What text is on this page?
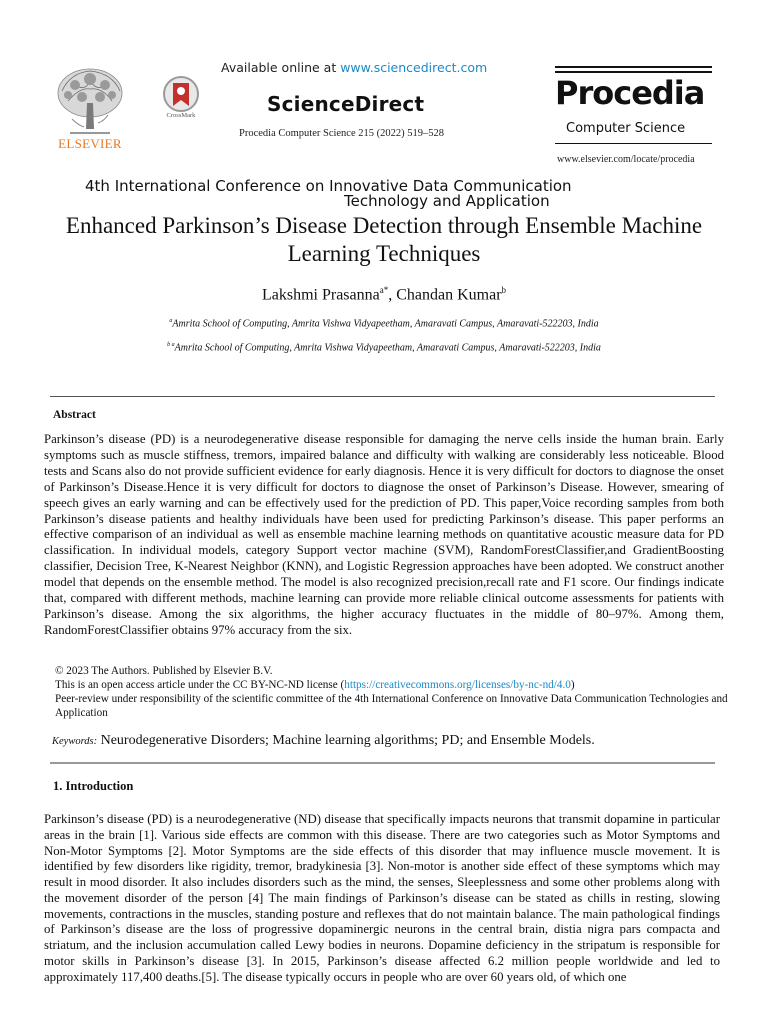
ELSEVIER
CrossMark
Available online at www.sciencedirect.com
ScienceDirect
Procedia Computer Science 215 (2022) 519–528
Procedia
Computer Science
www.elsevier.com/locate/procedia
4th International Conference on Innovative Data Communication
Technology and Application
Enhanced Parkinson’s Disease Detection through Ensemble Machine Learning Techniques
Lakshmi Prasanna$^{a*}$, Chandan Kumar$^b$
$^a$Amrita School of Computing, Amrita Vishwa Vidyapeetham, Amaravati Campus, Amaravati-522203, India
$^{b a}$Amrita School of Computing, Amrita Vishwa Vidyapeetham, Amaravati Campus, Amaravati-522203, India
Abstract
Parkinson’s disease (PD) is a neurodegenerative disease responsible for damaging the nerve cells inside the human brain. Early symptoms such as muscle stiffness, tremors, impaired balance and difficulty with walking are considerably less noticeable. Blood tests and Scans also do not provide sufficient evidence for early diagnosis. Hence it is very difficult for doctors to diagnose the onset of Parkinson’s Disease.Hence it is very difficult for doctors to diagnose the onset of Parkinson’s Disease. However, smearing of speech gives an early warning and can be effectively used for the prediction of PD. This paper,Voice recording samples from both Parkinson’s disease patients and healthy individuals have been used for predicting Parkinson’s disease. This paper performs an effective comparison of an individual as well as ensemble machine learning methods on quantitative acoustic measure data for PD classification. In individual models, category Support vector machine (SVM), RandomForestClassifier,and GradientBoosting classifier, Decision Tree, K-Nearest Neighbor (KNN), and Logistic Regression approaches have been adopted. We construct another model that depends on the ensemble method. The model is also recognized precision,recall rate and F1 score. Our findings indicate that, compared with different methods, machine learning can provide more reliable clinical outcome assessments for patients with Parkinson’s disease. Among the six algorithms, the higher accuracy fluctuates in the middle of 80–97%. Among them, RandomForestClassifier obtains 97% accuracy from the six.
© 2023 The Authors. Published by Elsevier B.V.
This is an open access article under the CC BY-NC-ND license (https://creativecommons.org/licenses/by-nc-nd/4.0)
Peer-review under responsibility of the scientific committee of the 4th International Conference on Innovative Data Communication Technologies and Application
Keywords: Neurodegenerative Disorders; Machine learning algorithms; PD; and Ensemble Models.
1. Introduction
Parkinson’s disease (PD) is a neurodegenerative (ND) disease that specifically impacts neurons that transmit dopamine in particular areas in the brain [1]. Various side effects are common with this disease. There are two categories such as Motor Symptoms and Non-Motor Symptoms [2]. Motor Symptoms are the side effects of this disorder that may influence muscle movement. It is identified by few disorders like rigidity, tremor, bradykinesia [3]. Non-motor is another side effect of these symptoms which may result in mood disorder. It also includes disorders such as the mind, the senses, Sleeplessness and some other problems along with the movement disorder of the person [4] The main findings of Parkinson’s disease can be stated as chills in resting, slowing movements, contractions in the muscles, standing posture and reflexes that do not maintain balance. The main pathological findings of Parkinson’s disease are the loss of progressive dopaminergic neurons in the central brain, distia nigra pars compacta and striatum, and the inclusion accumulation called Lewy bodies in neurons. Dopamine deficiency in the stripatum is responsible for motor skills in Parkinson’s disease [3]. In 2015, Parkinson’s disease affected 6.2 million people worldwide and led to approximately 117,400 deaths.[5]. The disease typically occurs in people who are over 60 years old, of which one
